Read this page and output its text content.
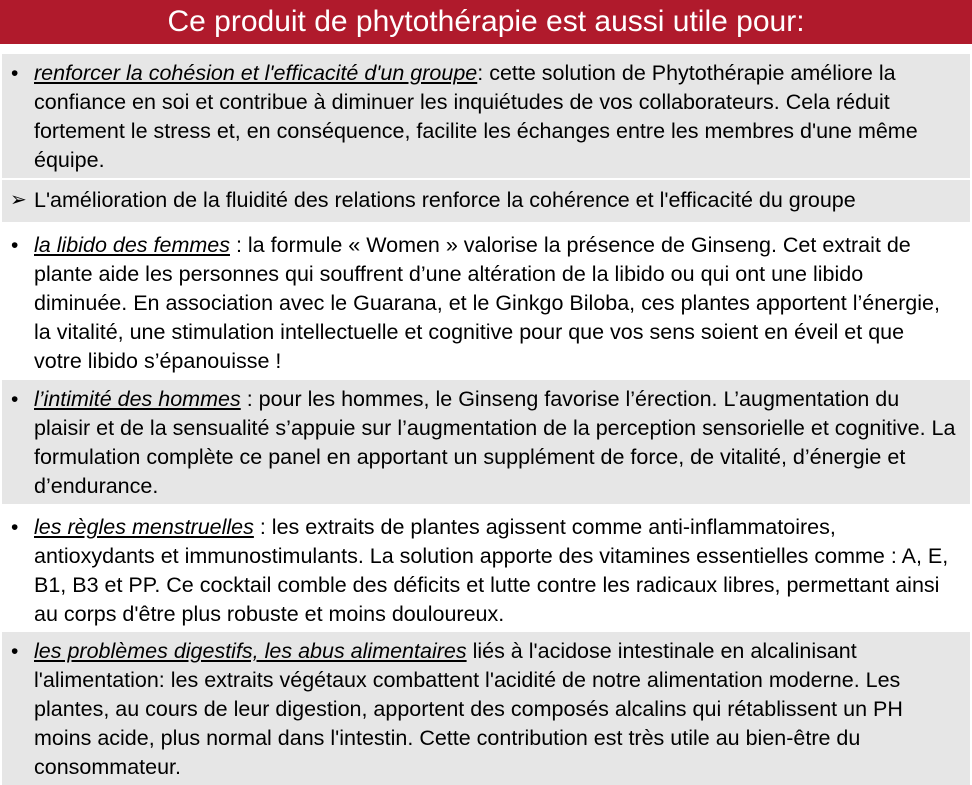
Ce produit de phytothérapie est aussi utile pour:
• renforcer la cohésion et l'efficacité d'un groupe: cette solution de Phytothérapie améliore la confiance en soi et contribue à diminuer les inquiétudes de vos collaborateurs. Cela réduit fortement le stress et, en conséquence, facilite les échanges entre les membres d'une même équipe.
➢ L'amélioration de la fluidité des relations renforce la cohérence et l'efficacité du groupe
• la libido des femmes : la formule « Women » valorise la présence de Ginseng. Cet extrait de plante aide les personnes qui souffrent d’une altération de la libido ou qui ont une libido diminuée. En association avec le Guarana, et le Ginkgo Biloba, ces plantes apportent l’énergie, la vitalité, une stimulation intellectuelle et cognitive pour que vos sens soient en éveil et que votre libido s’épanouisse !
• l’intimité des hommes : pour les hommes, le Ginseng favorise l’érection. L’augmentation du plaisir et de la sensualité s’appuie sur l’augmentation de la perception sensorielle et cognitive. La formulation complète ce panel en apportant un supplément de force, de vitalité, d’énergie et d’endurance.
• les règles menstruelles : les extraits de plantes agissent comme anti-inflammatoires, antioxydants et immunostimulants. La solution apporte des vitamines essentielles comme : A, E, B1, B3 et PP. Ce cocktail comble des déficits et lutte contre les radicaux libres, permettant ainsi au corps d'être plus robuste et moins douloureux.
• les problèmes digestifs, les abus alimentaires liés à l'acidose intestinale en alcalinisant l'alimentation: les extraits végétaux combattent l'acidité de notre alimentation moderne. Les plantes, au cours de leur digestion, apportent des composés alcalins qui rétablissent un PH moins acide, plus normal dans l'intestin. Cette contribution est très utile au bien-être du consommateur.
